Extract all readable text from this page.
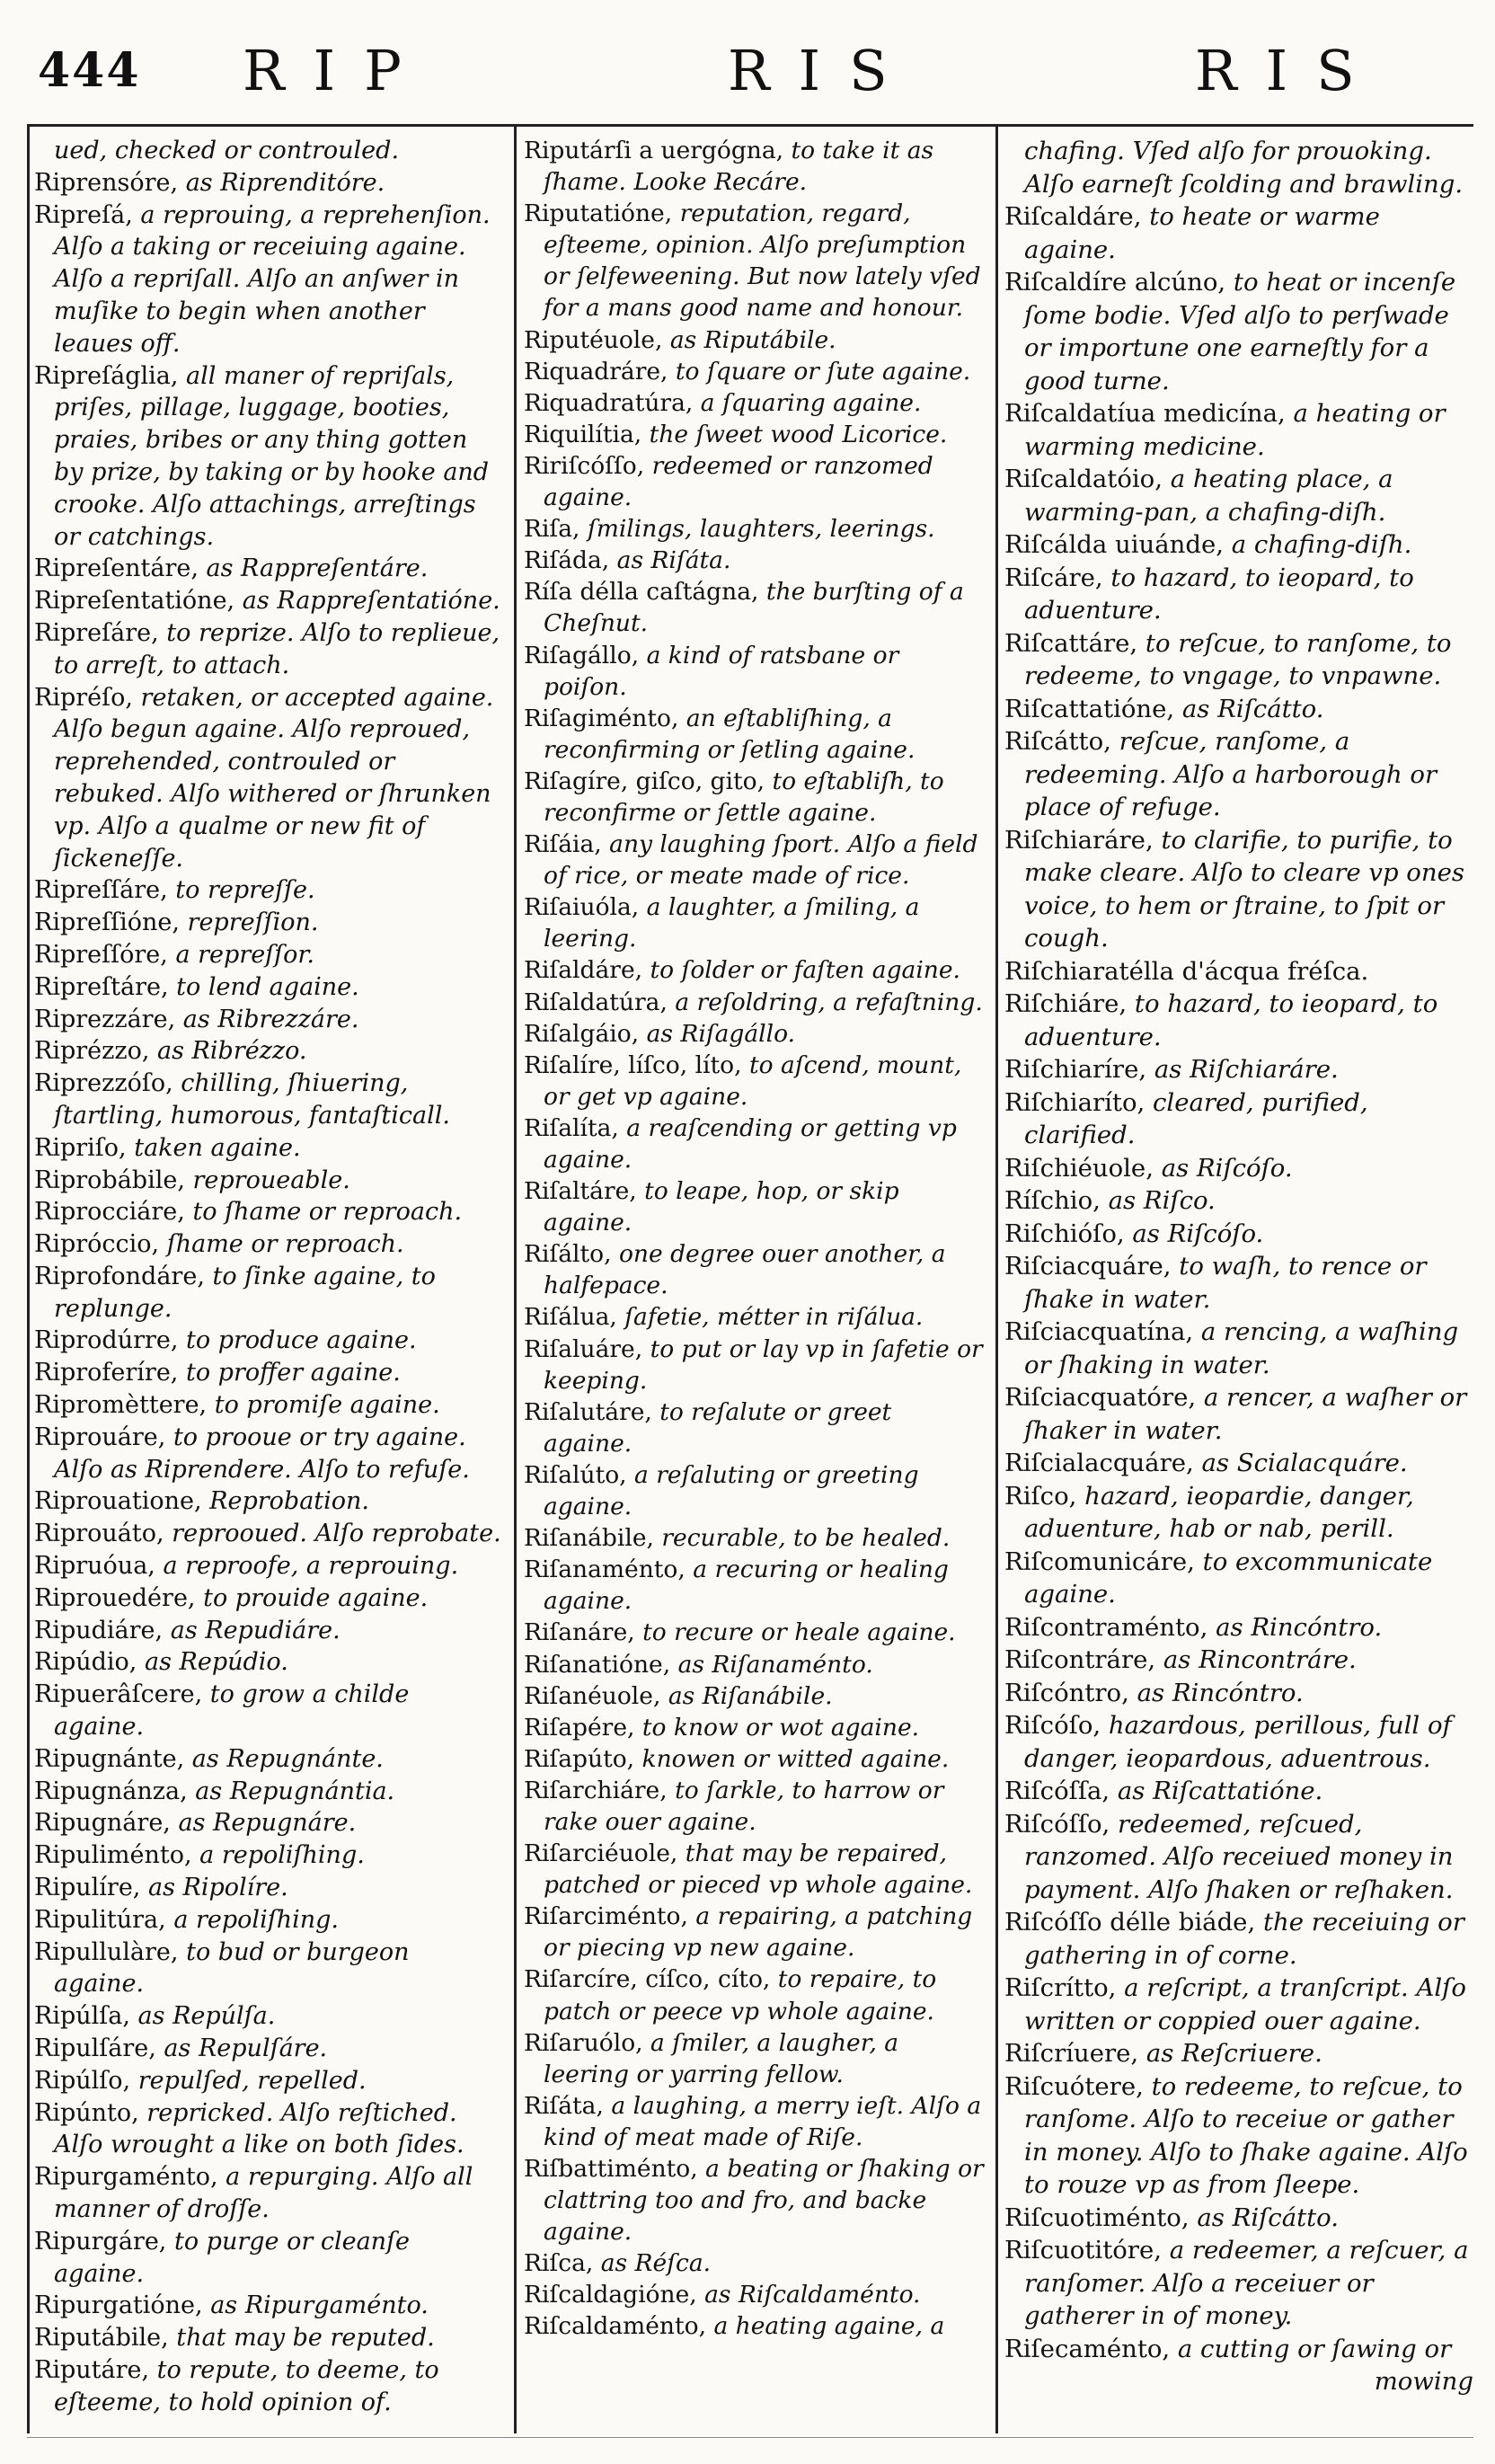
444 RIP	RIS	RIS

ued, checked or controuled.

Riprensóre, as Riprenditóre.

Ripreſá, a reprouing, a reprehenſion. Alſo a taking or receiuing againe. Alſo a repriſall. Alſo an anſwer in muſike to begin when another leaues off.

Ripreſáglia, all maner of repriſals, priſes, pillage, luggage, booties, praies, bribes or any thing gotten by prize, by taking or by hooke and crooke. Alſo attachings, arreſtings or catchings.

Ripreſentáre, as Rappreſentáre.

Ripreſentatióne, as Rappreſentatióne.

Ripreſáre, to reprize. Alſo to replieue, to arreſt, to attach.

Ripréſo, retaken, or accepted againe. Alſo begun againe. Alſo reproued, reprehended, controuled or rebuked. Alſo withered or ſhrunken vp. Alſo a qualme or new fit of ſickeneſſe.

Ripreſſáre, to repreſſe.

Ripreſſióne, repreſſion.

Ripreſſóre, a repreſſor.

Ripreſtáre, to lend againe.

Riprezzáre, as Ribrezzáre.

Riprézzo, as Ribrézzo.

Riprezzóſo, chilling, ſhiuering, ſtartling, humorous, fantaſticall.

Ripriſo, taken againe.

Riprobábile, reproueable.

Riprocciáre, to ſhame or reproach.

Ripróccio, ſhame or reproach.

Riprofondáre, to ſinke againe, to replunge.

Riprodúrre, to produce againe.

Riproferíre, to proffer againe.

Ripromèttere, to promiſe againe.

Riprouáre, to prooue or try againe. Alſo as Riprendere. Alſo to refuſe.

Riprouatione, Reprobation.

Riprouáto, reprooued. Alſo reprobate.

Ripruóua, a reproofe, a reprouing.

Riprouedére, to prouide againe.

Ripudiáre, as Repudiáre.

Ripúdio, as Repúdio.

Ripuerâſcere, to grow a childe againe.

Ripugnánte, as Repugnánte.

Ripugnánza, as Repugnántia.

Ripugnáre, as Repugnáre.

Ripuliménto, a repoliſhing.

Ripulíre, as Ripolíre.

Ripulitúra, a repoliſhing.

Ripullulàre, to bud or burgeon againe.

Ripúlſa, as Repúlſa.

Ripulſáre, as Repulſáre.

Ripúlſo, repulſed, repelled.

Ripúnto, repricked. Alſo reſtiched. Alſo wrought a like on both ſides.

Ripurgaménto, a repurging. Alſo all manner of droſſe.

Ripurgáre, to purge or cleanſe againe.

Ripurgatióne, as Ripurgaménto.

Riputábile, that may be reputed.

Riputáre, to repute, to deeme, to eſteeme, to hold opinion of.

Riputárſi a uergógna, to take it as ſhame. Looke Recáre.

Riputatióne, reputation, regard, eſteeme, opinion. Alſo preſumption or ſelfeweening. But now lately vſed for a mans good name and honour.

Riputéuole, as Riputábile.

Riquadráre, to ſquare or ſute againe.

Riquadratúra, a ſquaring againe.

Riquilítia, the ſweet wood Licorice.

Ririſcóſſo, redeemed or ranzomed againe.

Riſa, ſmilings, laughters, leerings.

Riſáda, as Riſáta.

Ríſa délla caſtágna, the burſting of a Cheſnut.

Riſagállo, a kind of ratsbane or poiſon.

Riſagiménto, an eſtabliſhing, a reconfirming or ſetling againe.

Riſagíre, giſco, gito, to eſtabliſh, to reconfirme or ſettle againe.

Riſáia, any laughing ſport. Alſo a field of rice, or meate made of rice.

Riſaiuóla, a laughter, a ſmiling, a leering.

Riſaldáre, to ſolder or faſten againe.

Riſaldatúra, a reſoldring, a refaſtning.

Riſalgáio, as Riſagállo.

Riſalíre, líſco, líto, to aſcend, mount, or get vp againe.

Riſalíta, a reaſcending or getting vp againe.

Riſaltáre, to leape, hop, or skip againe.

Riſálto, one degree ouer another, a halfepace.

Riſálua, ſafetie, métter in riſálua.

Riſaluáre, to put or lay vp in ſafetie or keeping.

Riſalutáre, to reſalute or greet againe.

Riſalúto, a reſaluting or greeting againe.

Riſanábile, recurable, to be healed.

Riſanaménto, a recuring or healing againe.

Riſanáre, to recure or heale againe.

Riſanatióne, as Riſanaménto.

Riſanéuole, as Riſanábile.

Riſapére, to know or wot againe.

Riſapúto, knowen or witted againe.

Riſarchiáre, to ſarkle, to harrow or rake ouer againe.

Riſarciéuole, that may be repaired, patched or pieced vp whole againe.

Riſarciménto, a repairing, a patching or piecing vp new againe.

Riſarcíre, cíſco, cíto, to repaire, to patch or peece vp whole againe.

Riſaruólo, a ſmiler, a laugher, a leering or yarring fellow.

Riſáta, a laughing, a merry ieſt. Alſo a kind of meat made of Riſe.

Riſbattiménto, a beating or ſhaking or clattring too and fro, and backe againe.

Riſca, as Réſca.

Riſcaldagióne, as Riſcaldaménto.

Riſcaldaménto, a heating againe, a

chafing. Vſed alſo for prouoking. Alſo earneſt ſcolding and brawling.

Riſcaldáre, to heate or warme againe.

Riſcaldíre alcúno, to heat or incenſe ſome bodie. Vſed alſo to perſwade or importune one earneſtly for a good turne.

Riſcaldatíua medicína, a heating or warming medicine.

Riſcaldatóio, a heating place, a warming-pan, a chafing-diſh.

Riſcálda uiuánde, a chafing-diſh.

Riſcáre, to hazard, to ieopard, to aduenture.

Riſcattáre, to reſcue, to ranſome, to redeeme, to vngage, to vnpawne.

Riſcattatióne, as Riſcátto.

Riſcátto, reſcue, ranſome, a redeeming. Alſo a harborough or place of refuge.

Riſchiaráre, to clarifie, to purifie, to make cleare. Alſo to cleare vp ones voice, to hem or ſtraine, to ſpit or cough.

Riſchiaratélla d'ácqua fréſca.

Riſchiáre, to hazard, to ieopard, to aduenture.

Riſchiaríre, as Riſchiaráre.

Riſchiaríto, cleared, purified, clarified.

Riſchiéuole, as Riſcóſo.

Ríſchio, as Riſco.

Riſchióſo, as Riſcóſo.

Riſciacquáre, to waſh, to rence or ſhake in water.

Riſciacquatína, a rencing, a waſhing or ſhaking in water.

Riſciacquatóre, a rencer, a waſher or ſhaker in water.

Riſcialacquáre, as Scialacquáre.

Riſco, hazard, ieopardie, danger, aduenture, hab or nab, perill.

Riſcomunicáre, to excommunicate againe.

Riſcontraménto, as Rincóntro.

Riſcontráre, as Rincontráre.

Riſcóntro, as Rincóntro.

Riſcóſo, hazardous, perillous, full of danger, ieopardous, aduentrous.

Riſcóſſa, as Riſcattatióne.

Riſcóſſo, redeemed, reſcued, ranzomed. Alſo receiued money in payment. Alſo ſhaken or reſhaken.

Riſcóſſo délle biáde, the receiuing or gathering in of corne.

Riſcrítto, a reſcript, a tranſcript. Alſo written or coppied ouer againe.

Riſcríuere, as Reſcriuere.

Riſcuótere, to redeeme, to reſcue, to ranſome. Alſo to receiue or gather in money. Alſo to ſhake againe. Alſo to rouze vp as from ſleepe.

Riſcuotiménto, as Riſcátto.

Riſcuotitóre, a redeemer, a reſcuer, a ranſomer. Alſo a receiuer or gatherer in of money.

Riſecaménto, a cutting or ſawing or

mowing
